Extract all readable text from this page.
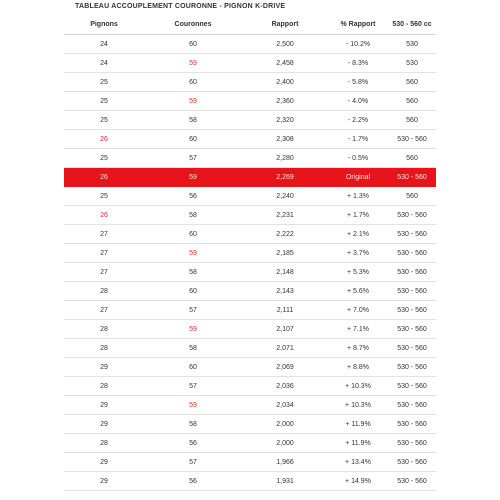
TABLEAU ACCOUPLEMENT COURONNE - PIGNON K-DRIVE
Pignons	Couronnes	Rapport	% Rapport	530 - 560 cc
24	60	2,500	- 10.2%	530
24	59	2,458	- 8.3%	530
25	60	2,400	- 5.8%	560
25	59	2,360	- 4.0%	560
25	58	2,320	- 2.2%	560
26	60	2,308	- 1.7%	530 - 560
25	57	2,280	- 0.5%	560
26	59	2,269	Original	530 - 560
25	56	2,240	+ 1.3%	560
26	58	2,231	+ 1.7%	530 - 560
27	60	2,222	+ 2.1%	530 - 560
27	59	2,185	+ 3.7%	530 - 560
27	58	2,148	+ 5.3%	530 - 560
28	60	2,143	+ 5.6%	530 - 560
27	57	2,111	+ 7.0%	530 - 560
28	59	2,107	+ 7.1%	530 - 560
28	58	2,071	+ 8.7%	530 - 560
29	60	2,069	+ 8.8%	530 - 560
28	57	2,036	+ 10.3%	530 - 560
29	59	2,034	+ 10.3%	530 - 560
29	58	2,000	+ 11.9%	530 - 560
28	56	2,000	+ 11.9%	530 - 560
29	57	1,966	+ 13.4%	530 - 560
29	56	1,931	+ 14.9%	530 - 560
